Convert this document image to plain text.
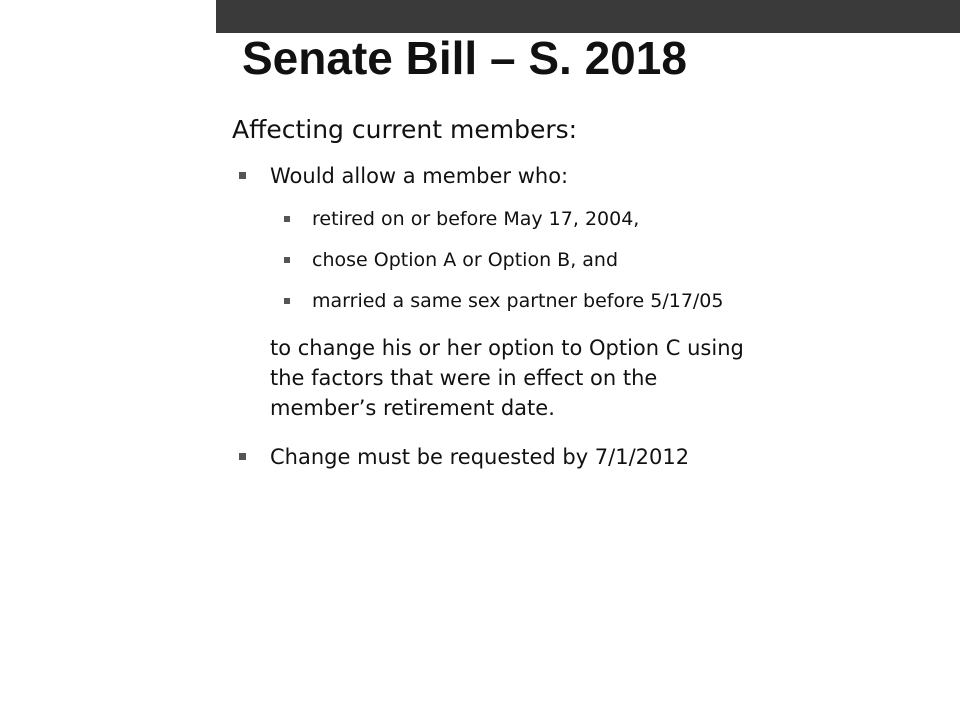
Senate Bill – S. 2018

Affecting current members:

Would allow a member who:
retired on or before May 17, 2004,
chose Option A or Option B, and
married a same sex partner before 5/17/05

to change his or her option to Option C using
the factors that were in effect on the
member’s retirement date.

Change must be requested by 7/1/2012
